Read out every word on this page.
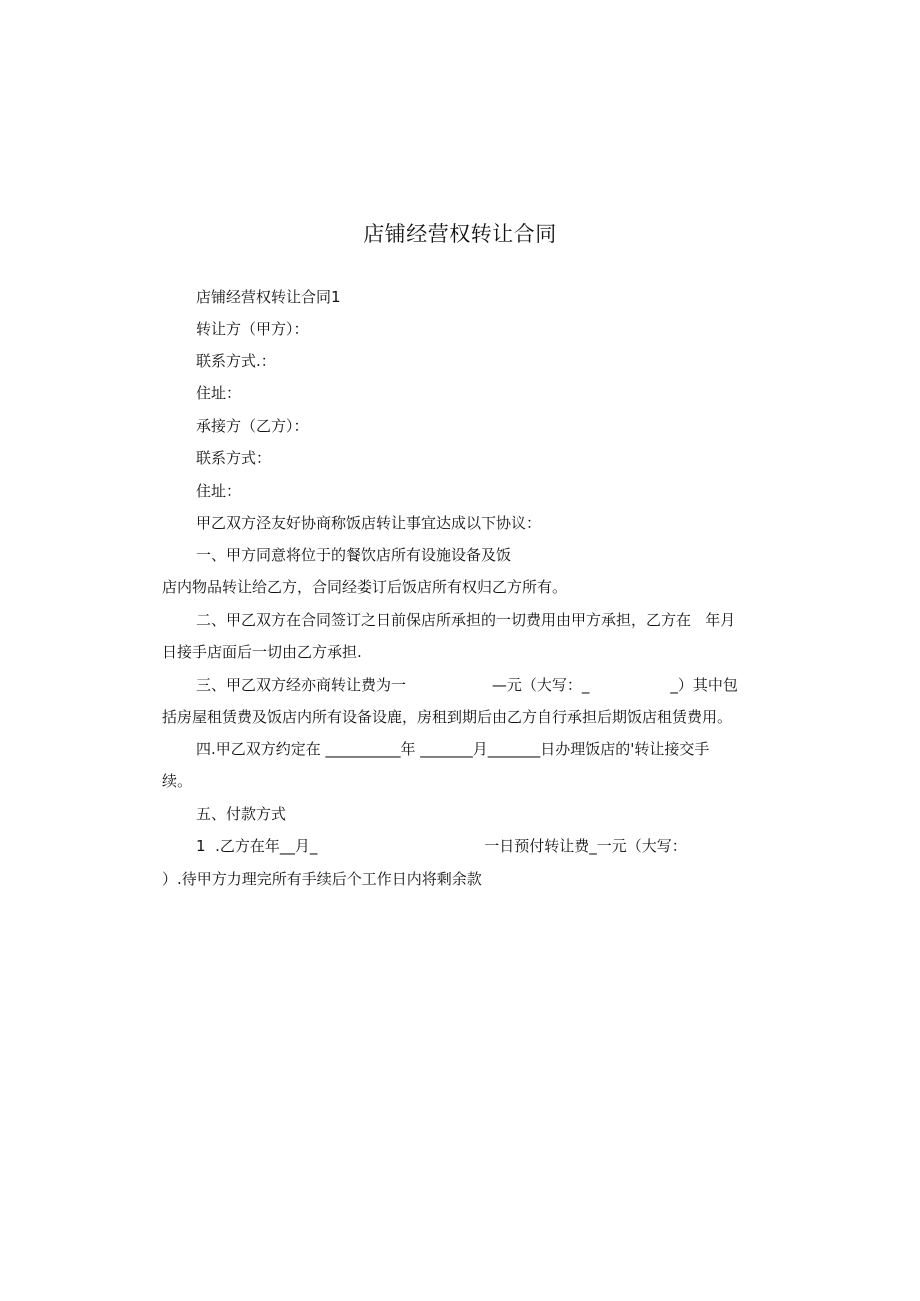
店铺经营权转让合同
店铺经营权转让合同1
转让方（甲方）：
联系方式.：
住址：
承接方（乙方）：
联系方式：
住址：
甲乙双方泾友好协商称饭店转让事宜达成以下协议：
一、甲方同意将位于的餐饮店所有设施设备及饭
店内物品转让给乙方，合同经娄订后饭店所有权归乙方所有。
二、甲乙双方在合同签订之日前保店所承担的一切费用由甲方承担，乙方在   年月
日接手店面后一切由乙方承担.
三、甲乙双方经亦商转让费为一                  —元（大写：_                 _）其中包
括房屋租赁费及饭店内所有设备设鹿，房租到期后由乙方自行承担后期饭店租赁费用。
四.甲乙双方约定在 __________年 _______月_______日办理饭店的'转让接交手
续。
五、付款方式
1  .乙方在年__月_                                   一日预付转让费_一元（大写：
）.待甲方力理完所有手续后个工作日内将剩余款
